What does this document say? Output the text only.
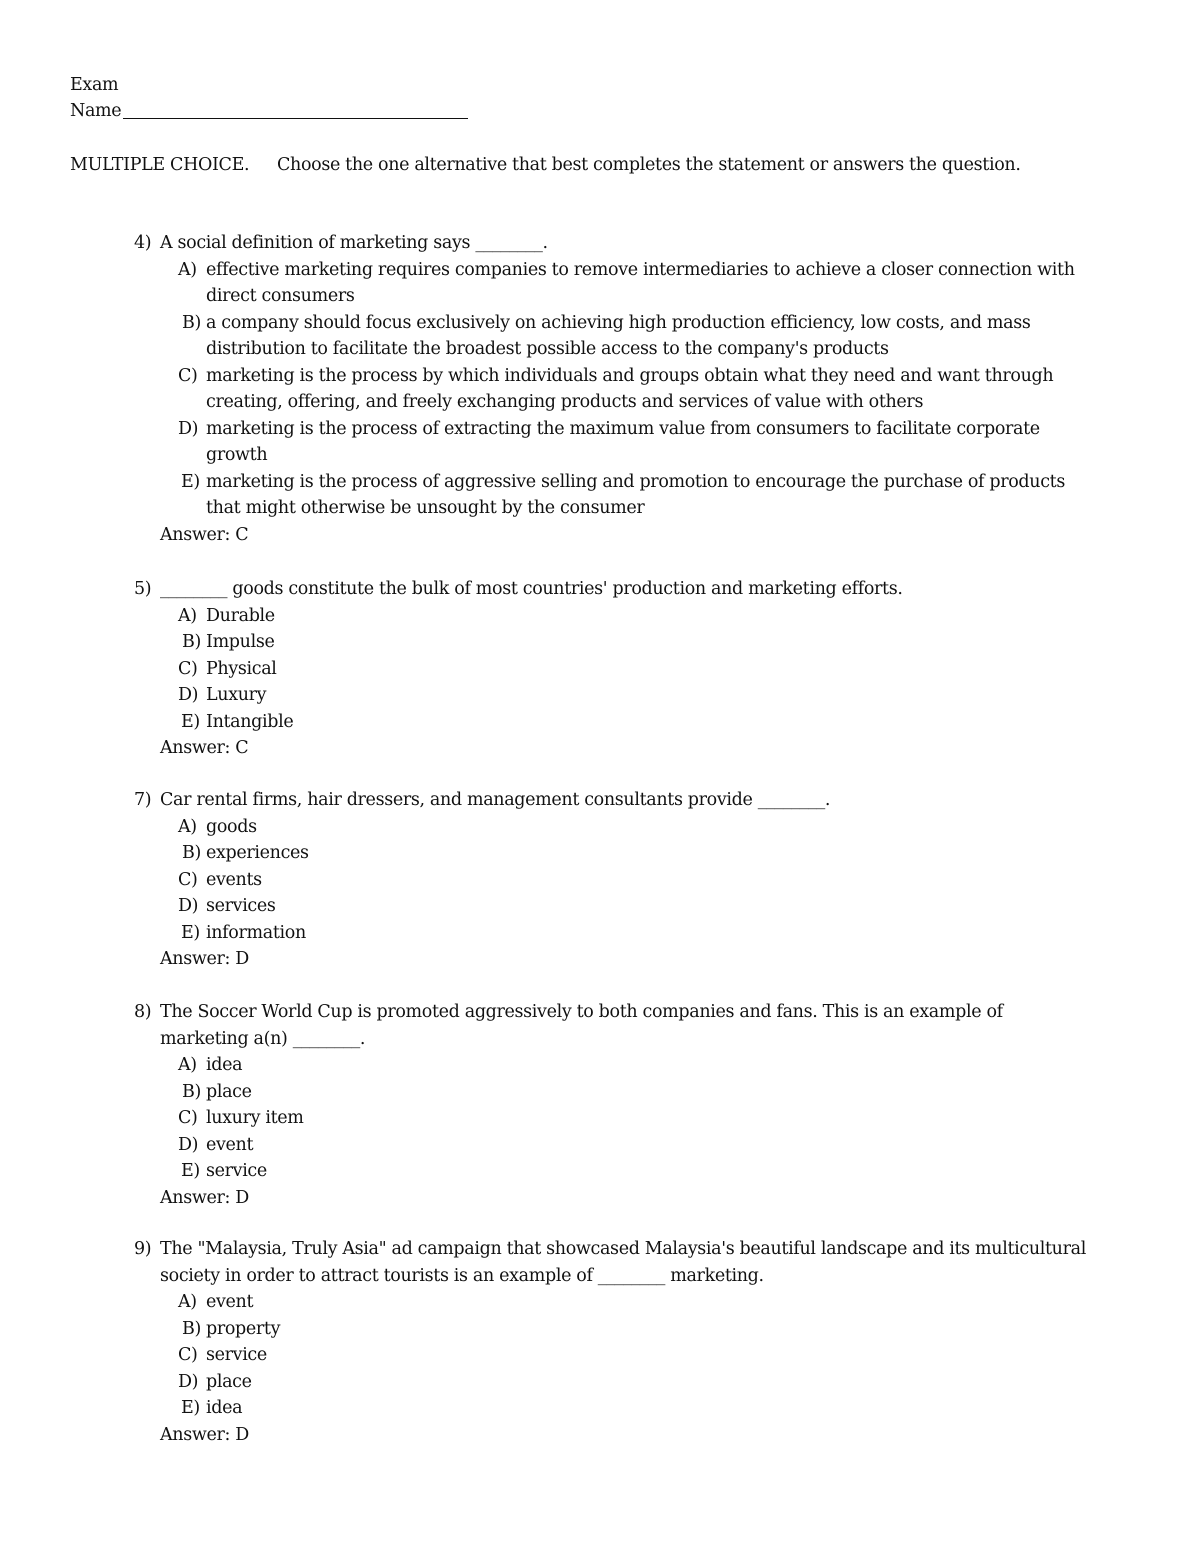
Exam
Name
MULTIPLE CHOICE. Choose the one alternative that best completes the statement or answers the question.
4) A social definition of marketing says ________.
A) effective marketing requires companies to remove intermediaries to achieve a closer connection with
direct consumers
B) a company should focus exclusively on achieving high production efficiency, low costs, and mass
distribution to facilitate the broadest possible access to the company's products
C) marketing is the process by which individuals and groups obtain what they need and want through
creating, offering, and freely exchanging products and services of value with others
D) marketing is the process of extracting the maximum value from consumers to facilitate corporate
growth
E) marketing is the process of aggressive selling and promotion to encourage the purchase of products
that might otherwise be unsought by the consumer
Answer: C
5) ________ goods constitute the bulk of most countries' production and marketing efforts.
A) Durable
B) Impulse
C) Physical
D) Luxury
E) Intangible
Answer: C
7) Car rental firms, hair dressers, and management consultants provide ________.
A) goods
B) experiences
C) events
D) services
E) information
Answer: D
8) The Soccer World Cup is promoted aggressively to both companies and fans. This is an example of
marketing a(n) ________.
A) idea
B) place
C) luxury item
D) event
E) service
Answer: D
9) The "Malaysia, Truly Asia" ad campaign that showcased Malaysia's beautiful landscape and its multicultural
society in order to attract tourists is an example of ________ marketing.
A) event
B) property
C) service
D) place
E) idea
Answer: D
